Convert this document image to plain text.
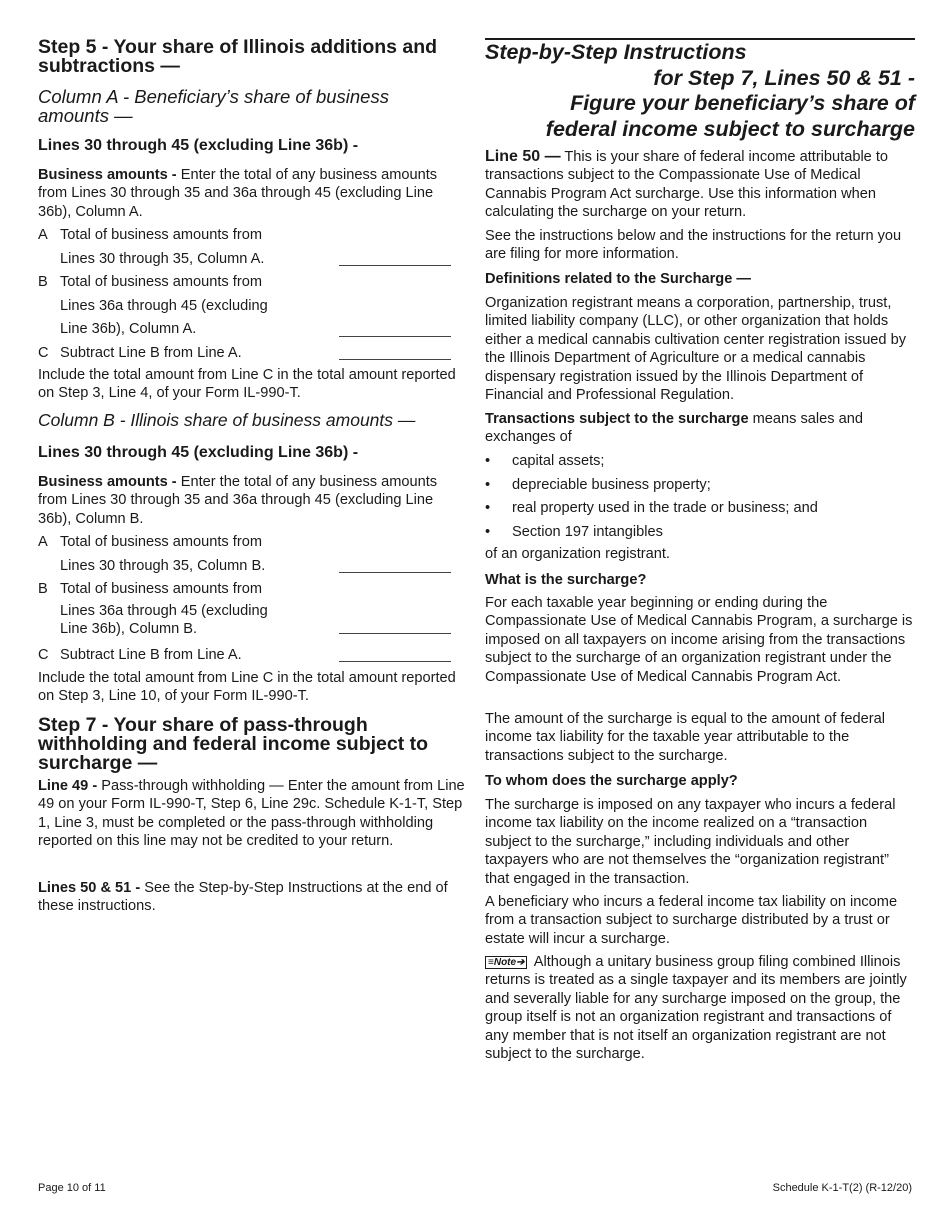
Step 5 - Your share of Illinois additions and subtractions —
Column A - Beneficiary’s share of business amounts —
Lines 30 through 45 (excluding Line 36b) -

Business amounts - Enter the total of any business amounts from Lines 30 through 35 and 36a through 45 (excluding Line 36b), Column A.

A Total of business amounts from
Lines 30 through 35, Column A.
B Total of business amounts from
Lines 36a through 45 (excluding
Line 36b), Column A.
C Subtract Line B from Line A.

Include the total amount from Line C in the total amount reported on Step 3, Line 4, of your Form IL-990-T.

Column B - Illinois share of business amounts —
Lines 30 through 45 (excluding Line 36b) -

Business amounts - Enter the total of any business amounts from Lines 30 through 35 and 36a through 45 (excluding Line 36b), Column B.

A Total of business amounts from
Lines 30 through 35, Column B.
B Total of business amounts from
Lines 36a through 45 (excluding
Line 36b), Column B.
C Subtract Line B from Line A.

Include the total amount from Line C in the total amount reported on Step 3, Line 10, of your Form IL-990-T.

Step 7 - Your share of pass-through withholding and federal income subject to surcharge —

Line 49 - Pass-through withholding — Enter the amount from Line 49 on your Form IL-990-T, Step 6, Line 29c. Schedule K-1-T, Step 1, Line 3, must be completed or the pass-through withholding reported on this line may not be credited to your return.

Lines 50 & 51 - See the Step-by-Step Instructions at the end of these instructions.

Step-by-Step Instructions
for Step 7, Lines 50 & 51 -
Figure your beneficiary’s share of
federal income subject to surcharge

Line 50 — This is your share of federal income attributable to transactions subject to the Compassionate Use of Medical Cannabis Program Act surcharge. Use this information when calculating the surcharge on your return.

See the instructions below and the instructions for the return you are filing for more information.

Definitions related to the Surcharge —

Organization registrant means a corporation, partnership, trust, limited liability company (LLC), or other organization that holds either a medical cannabis cultivation center registration issued by the Illinois Department of Agriculture or a medical cannabis dispensary registration issued by the Illinois Department of Financial and Professional Regulation.

Transactions subject to the surcharge means sales and exchanges of

• capital assets;
• depreciable business property;
• real property used in the trade or business; and
• Section 197 intangibles

of an organization registrant.

What is the surcharge?

For each taxable year beginning or ending during the Compassionate Use of Medical Cannabis Program, a surcharge is imposed on all taxpayers on income arising from the transactions subject to the surcharge of an organization registrant under the Compassionate Use of Medical Cannabis Program Act.

The amount of the surcharge is equal to the amount of federal income tax liability for the taxable year attributable to the transactions subject to the surcharge.

To whom does the surcharge apply?

The surcharge is imposed on any taxpayer who incurs a federal income tax liability on the income realized on a “transaction subject to the surcharge,” including individuals and other taxpayers who are not themselves the “organization registrant” that engaged in the transaction.

A beneficiary who incurs a federal income tax liability on income from a transaction subject to surcharge distributed by a trust or estate will incur a surcharge.

≡Note➔ Although a unitary business group filing combined Illinois returns is treated as a single taxpayer and its members are jointly and severally liable for any surcharge imposed on the group, the group itself is not an organization registrant and transactions of any member that is not itself an organization registrant are not subject to the surcharge.

Page 10 of 11	Schedule K-1-T(2) (R-12/20)
